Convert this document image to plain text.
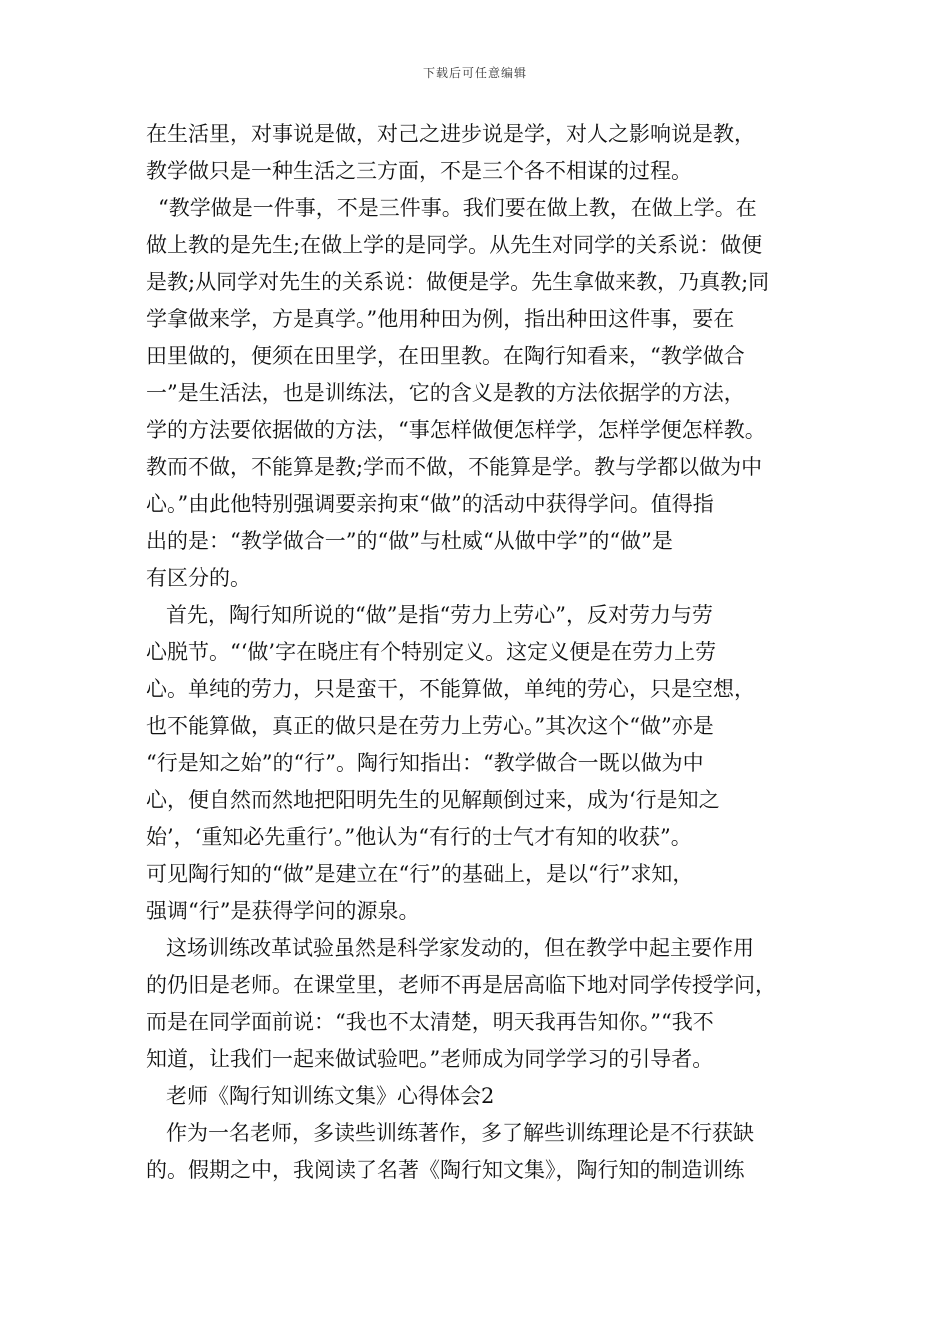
下载后可任意编辑

在生活里，对事说是做，对己之进步说是学，对人之影响说是教，

教学做只是一种生活之三方面，不是三个各不相谋的过程。

“教学做是一件事，不是三件事。我们要在做上教，在做上学。在

做上教的是先生;在做上学的是同学。从先生对同学的关系说：做便

是教;从同学对先生的关系说：做便是学。先生拿做来教，乃真教;同

学拿做来学，方是真学。”他用种田为例，指出种田这件事，要在

田里做的，便须在田里学，在田里教。在陶行知看来，“教学做合

一”是生活法，也是训练法，它的含义是教的方法依据学的方法，

学的方法要依据做的方法，“事怎样做便怎样学，怎样学便怎样教。

教而不做，不能算是教;学而不做，不能算是学。教与学都以做为中

心。”由此他特别强调要亲拘束“做”的活动中获得学问。值得指

出的是：“教学做合一”的“做”与杜威“从做中学”的“做”是

有区分的。

首先，陶行知所说的“做”是指“劳力上劳心”，反对劳力与劳

心脱节。“‘做’字在晓庄有个特别定义。这定义便是在劳力上劳

心。单纯的劳力，只是蛮干，不能算做，单纯的劳心，只是空想，

也不能算做，真正的做只是在劳力上劳心。”其次这个“做”亦是

“行是知之始”的“行”。陶行知指出：“教学做合一既以做为中

心，便自然而然地把阳明先生的见解颠倒过来，成为‘行是知之

始’，‘重知必先重行’。”他认为“有行的士气才有知的收获”。

可见陶行知的“做”是建立在“行”的基础上，是以“行”求知，

强调“行”是获得学问的源泉。

这场训练改革试验虽然是科学家发动的，但在教学中起主要作用

的仍旧是老师。在课堂里，老师不再是居高临下地对同学传授学问，

而是在同学面前说：“我也不太清楚，明天我再告知你。”“我不

知道，让我们一起来做试验吧。”老师成为同学学习的引导者。

老师《陶行知训练文集》心得体会2

作为一名老师，多读些训练著作，多了解些训练理论是不行获缺

的。假期之中，我阅读了名著《陶行知文集》，陶行知的制造训练
